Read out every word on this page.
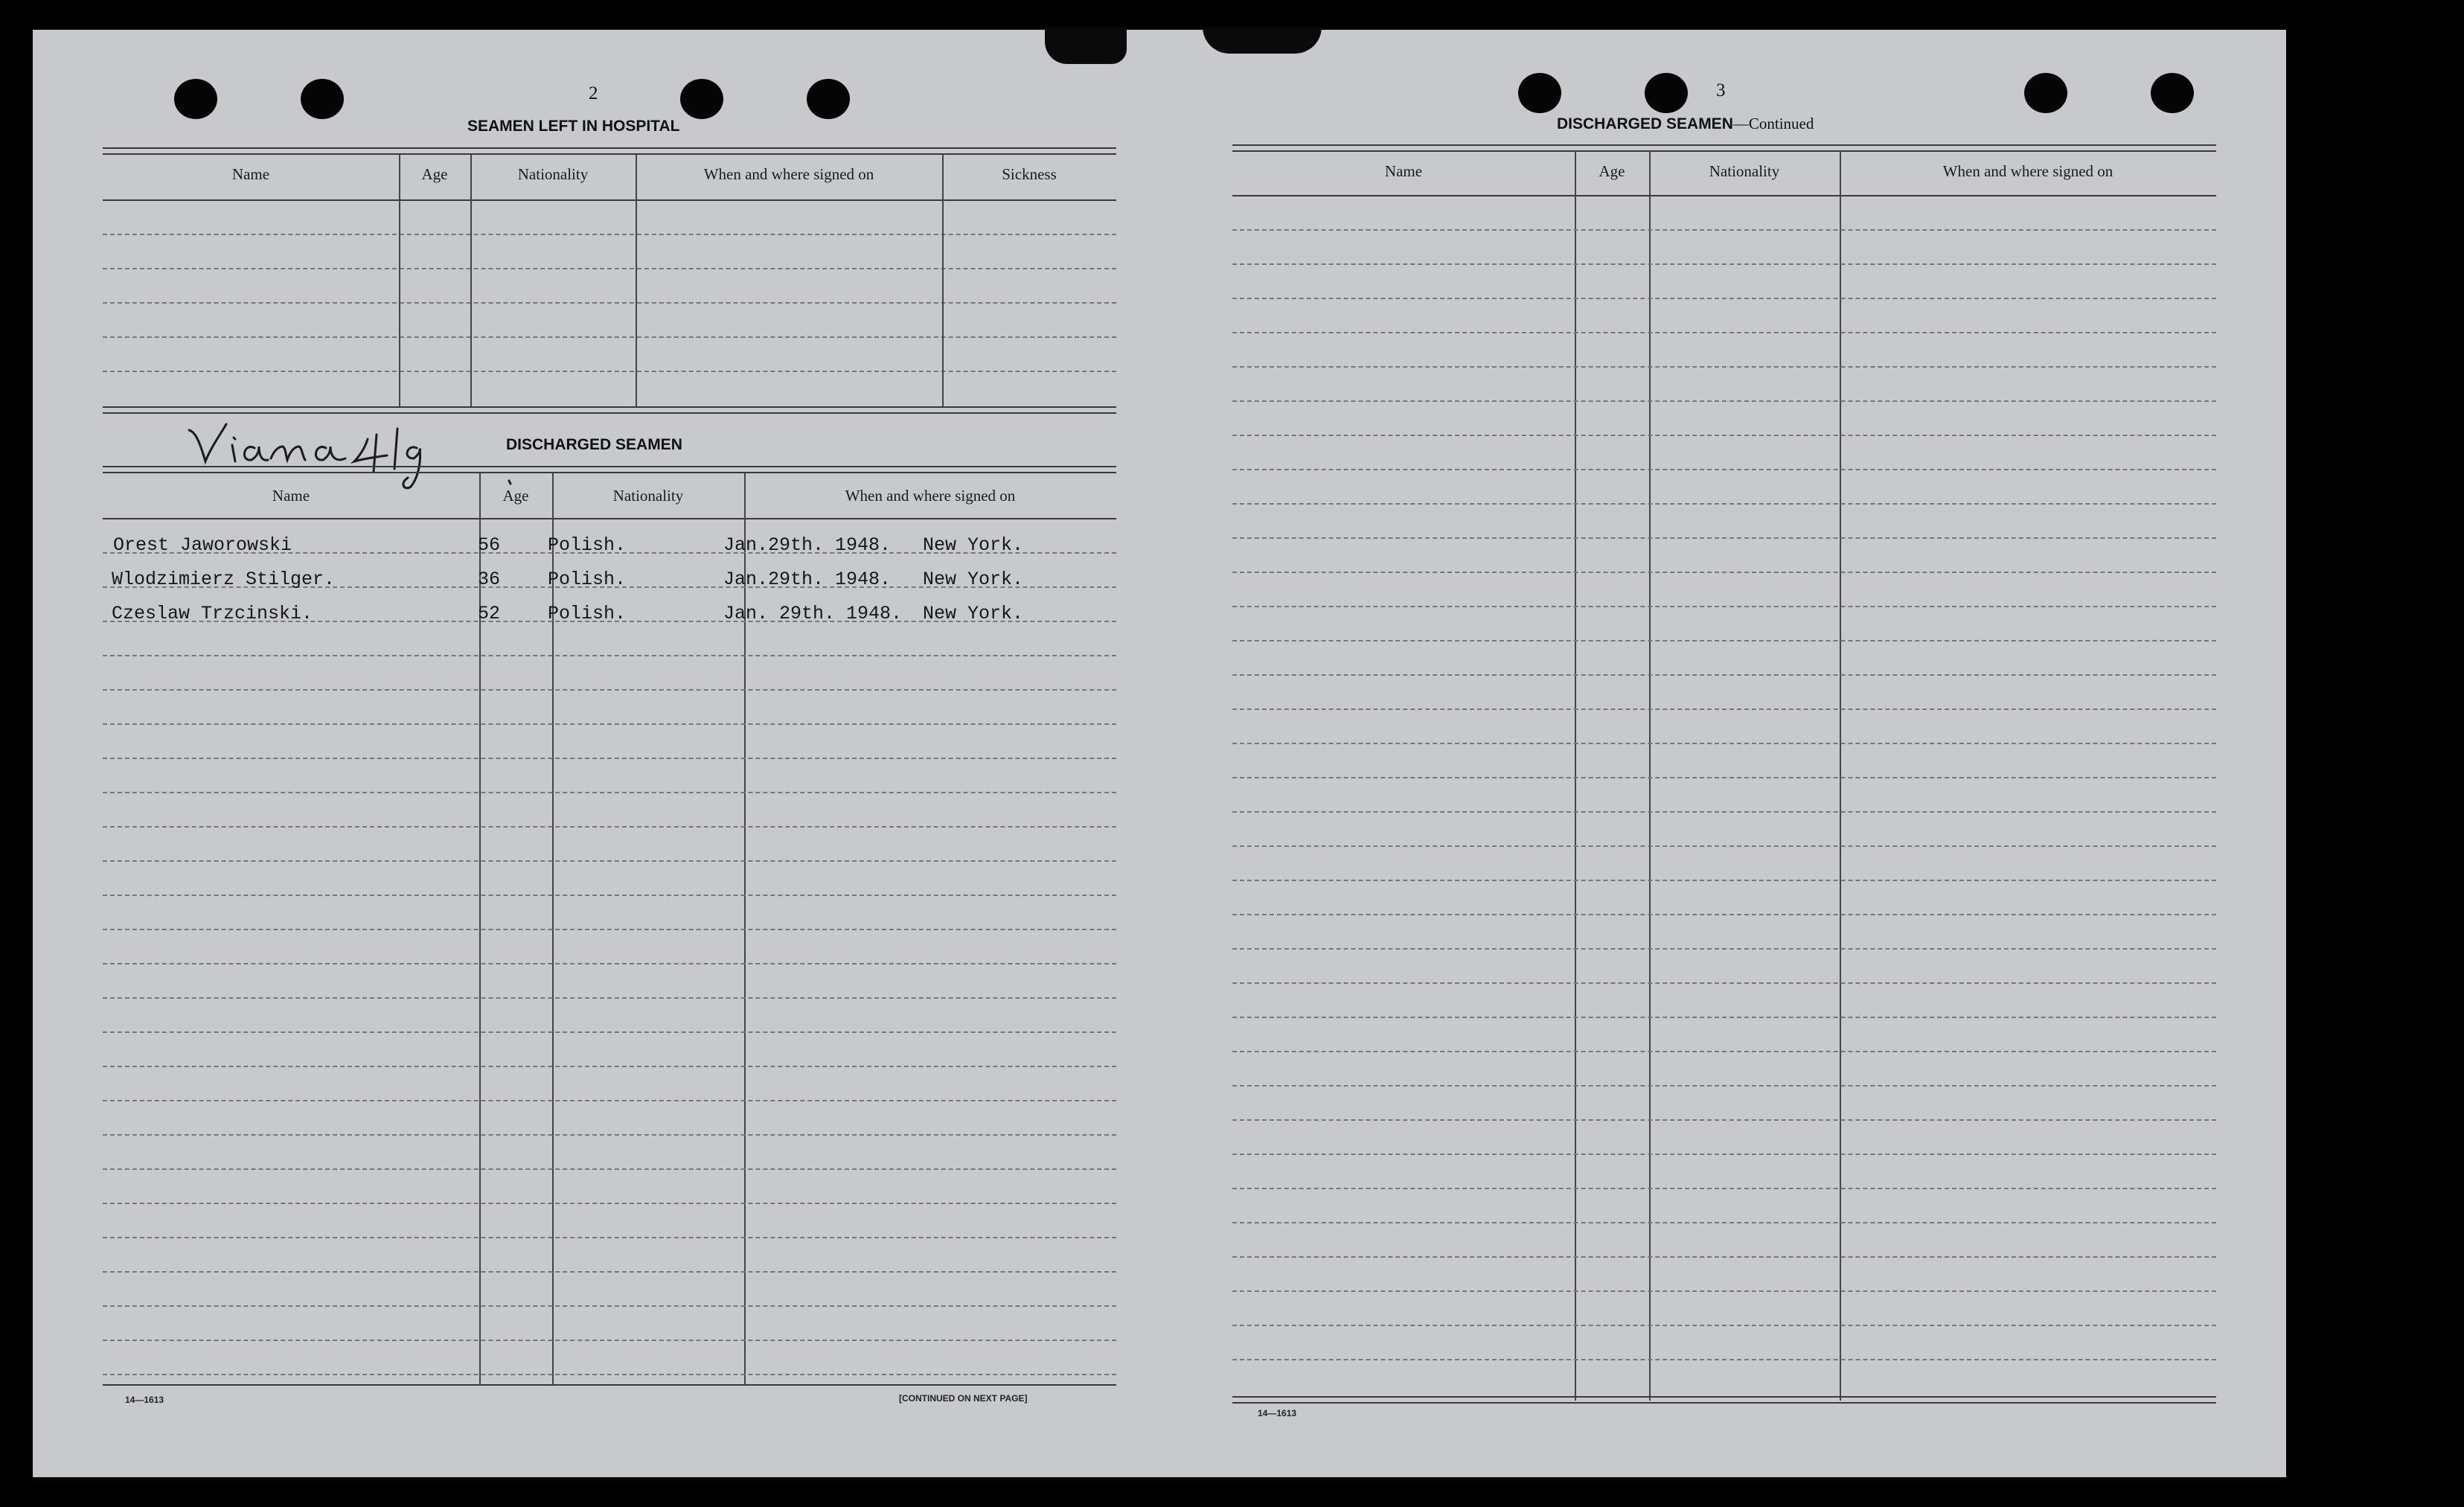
2
SEAMEN LEFT IN HOSPITAL
Name	Age	Nationality	When and where signed on	Sickness
DISCHARGED SEAMEN
Name	Age	Nationality	When and where signed on
Orest Jaworowski	56	Polish.	Jan.29th. 1948. New York.
Wlodzimierz Stilger.	36	Polish.	Jan.29th. 1948. New York.
Czeslaw Trzcinski.	52	Polish.	Jan. 29th. 1948. New York.
14—1613	[CONTINUED ON NEXT PAGE]
3
DISCHARGED SEAMEN—Continued
Name	Age	Nationality	When and where signed on
14—1613
